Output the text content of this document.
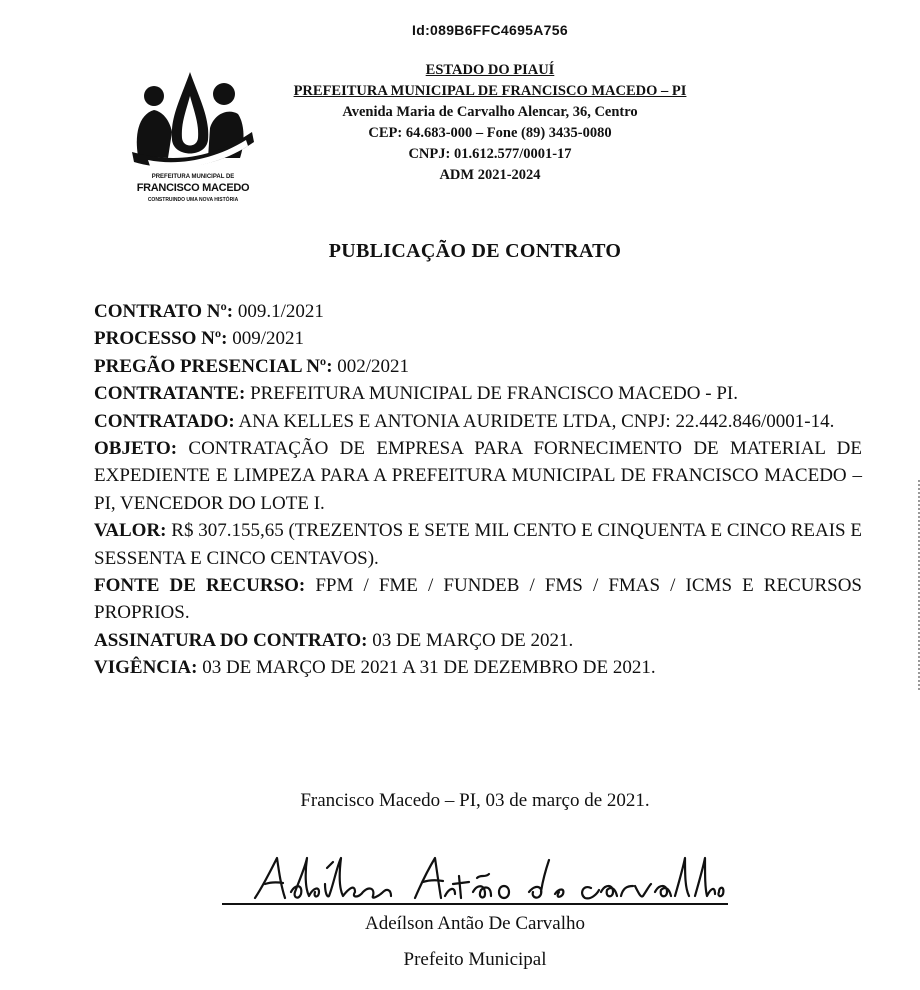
Id:089B6FFC4695A756
PREFEITURA MUNICIPAL DE
FRANCISCO MACEDO
CONSTRUINDO UMA NOVA HISTÓRIA
ESTADO DO PIAUÍ
PREFEITURA MUNICIPAL DE FRANCISCO MACEDO – PI
Avenida Maria de Carvalho Alencar, 36, Centro
CEP: 64.683-000 – Fone (89) 3435-0080
CNPJ: 01.612.577/0001-17
ADM 2021-2024
PUBLICAÇÃO DE CONTRATO

CONTRATO Nº: 009.1/2021

PROCESSO Nº: 009/2021

PREGÃO PRESENCIAL Nº: 002/2021

CONTRATANTE: PREFEITURA MUNICIPAL DE FRANCISCO MACEDO - PI.

CONTRATADO: ANA KELLES E ANTONIA AURIDETE LTDA, CNPJ: 22.442.846/0001-14.

OBJETO: CONTRATAÇÃO DE EMPRESA PARA FORNECIMENTO DE MATERIAL DE EXPEDIENTE E LIMPEZA PARA A PREFEITURA MUNICIPAL DE FRANCISCO MACEDO – PI, VENCEDOR DO LOTE I.

VALOR: R$ 307.155,65 (TREZENTOS E SETE MIL CENTO E CINQUENTA E CINCO REAIS E SESSENTA E CINCO CENTAVOS).

FONTE DE RECURSO: FPM / FME / FUNDEB / FMS / FMAS / ICMS E RECURSOS PROPRIOS.

ASSINATURA DO CONTRATO: 03 DE MARÇO DE 2021.

VIGÊNCIA: 03 DE MARÇO DE 2021 A 31 DE DEZEMBRO DE 2021.

Francisco Macedo – PI, 03 de março de 2021.
Adeílson Antão De Carvalho
Prefeito Municipal
